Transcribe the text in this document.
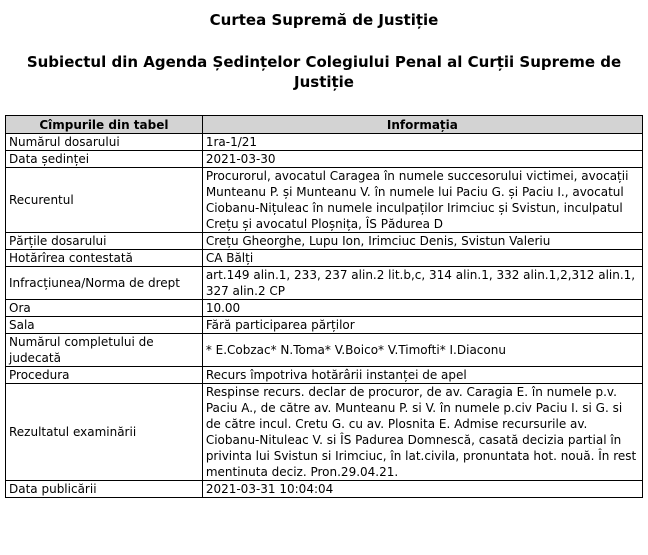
Curtea Supremă de Justiție
Subiectul din Agenda Ședințelor Colegiului Penal al Curții Supreme de Justiție
Cîmpurile din tabel	Informația
Numărul dosarului	1ra-1/21
Data ședinței	2021-03-30
Recurentul	Procurorul, avocatul Caragea în numele succesorului victimei, avocații Munteanu P. și Munteanu V. în numele lui Paciu G. și Paciu I., avocatul Ciobanu-Nițuleac în numele inculpaților Irimciuc și Svistun, inculpatul Crețu și avocatul Ploșnița, ÎS Pădurea D
Părțile dosarului	Crețu Gheorghe, Lupu Ion, Irimciuc Denis, Svistun Valeriu
Hotărîrea contestată	CA Bălți
Infracțiunea/Norma de drept	art.149 alin.1, 233, 237 alin.2 lit.b,c, 314 alin.1, 332 alin.1,2,312 alin.1, 327 alin.2 CP
Ora	10.00
Sala	Fără participarea părților
Numărul completului de judecată	* E.Cobzac* N.Toma* V.Boico* V.Timofti* I.Diaconu
Procedura	Recurs împotriva hotărârii instanței de apel
Rezultatul examinării	Respinse recurs. declar de procuror, de av. Caragia E. în numele p.v. Paciu A., de către av. Munteanu P. si V. în numele p.civ Paciu I. si G. si de către incul. Cretu G. cu av. Plosnita E. Admise recursurile av. Ciobanu-Nituleac V. si ÎS Padurea Domnescă, casată decizia partial în privinta lui Svistun si Irimciuc, în lat.civila, pronuntata hot. nouă. În rest mentinuta deciz. Pron.29.04.21.
Data publicării	2021-03-31 10:04:04
